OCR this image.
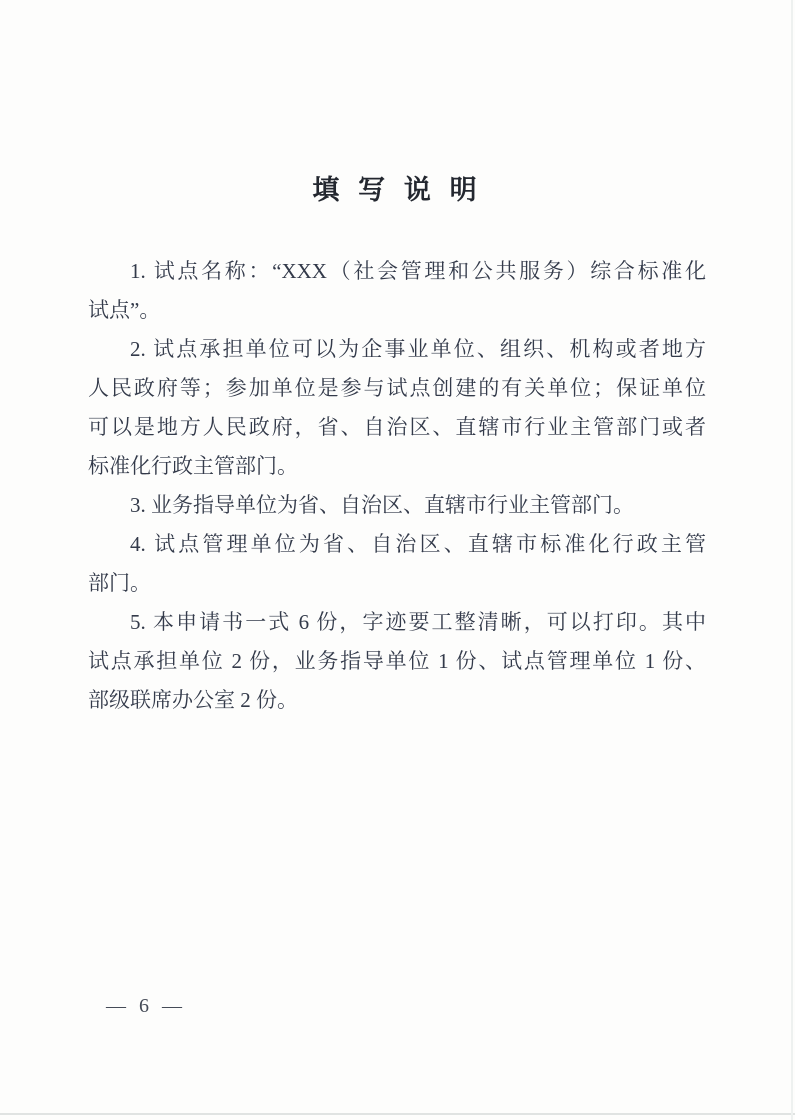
填 写 说 明
1. 试点名称：“XXX（社会管理和公共服务）综合标准化
试点”。
2. 试点承担单位可以为企事业单位、组织、机构或者地方
人民政府等；参加单位是参与试点创建的有关单位；保证单位
可以是地方人民政府，省、自治区、直辖市行业主管部门或者
标准化行政主管部门。
3. 业务指导单位为省、自治区、直辖市行业主管部门。
4. 试点管理单位为省、自治区、直辖市标准化行政主管
部门。
5. 本申请书一式 6 份，字迹要工整清晰，可以打印。其中
试点承担单位 2 份，业务指导单位 1 份、试点管理单位 1 份、
部级联席办公室 2 份。
— 6 —
